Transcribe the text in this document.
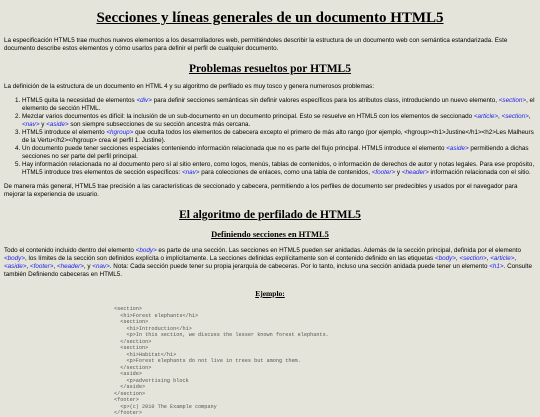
Secciones y líneas generales de un documento HTML5

La especificación HTML5 trae muchos nuevos elementos a los desarrolladores web, permitiéndoles describir la estructura de un documento web con semántica estandarizada. Este documento describe estos elementos y cómo usarlos para definir el perfil de cualquier documento.

Problemas resueltos por HTML5

La definición de la estructura de un documento en HTML 4 y su algoritmo de perfilado es muy tosco y genera numerosos problemas:

1. HTML5 quita la necesidad de elementos <div> para definir secciones semánticas sin definir valores específicos para los atributos class, introduciendo un nuevo elemento, <section>, el elemento de sección HTML.
2. Mezclar varios documentos es difícil: la inclusión de un sub-documento en un documento principal. Esto se resuelve en HTML5 con los elementos de seccionado <article>, <section>, <nav> y <aside> son siempre subsecciones de su sección ancestra más cercana.
3. HTML5 introduce el elemento <hgroup> que oculta todos los elementos de cabecera excepto el primero de más alto rango (por ejemplo, <hgroup><h1>Justine</h1><h2>Les Malheurs de la Vertu</h2></hgroup> crea el perfil 1. Justine).
4. Un documento puede tener secciones especiales conteniendo información relacionada que no es parte del flujo principal. HTML5 introduce el elemento <aside> permitiendo a dichas secciones no ser parte del perfil principal.
5. Hay información relacionada no al documento pero sí al sitio entero, como logos, menús, tablas de contenidos, o información de derechos de autor y notas legales. Para ese propósito, HTML5 introduce tres elementos de sección específicos: <nav> para colecciones de enlaces, como una tabla de contenidos, <footer> y <header> información relacionada con el sitio.

De manera más general, HTML5 trae precisión a las características de seccionado y cabecera, permitiendo a los perfiles de documento ser predecibles y usados por el navegador para mejorar la experiencia de usuario.

El algoritmo de perfilado de HTML5
Definiendo secciones en HTML5

Todo el contenido incluido dentro del elemento <body> es parte de una sección. Las secciones en HTML5 pueden ser anidadas. Además de la sección principal, definida por el elemento <body>, los límites de la sección son definidos explícita o implícitamente. La secciones definidas explícitamente son el contenido definido en las etiquetas <body>, <section>, <article>, <aside>, <footer>, <header>, y <nav>. Nota: Cada sección puede tener su propia jerarquía de cabeceras. Por lo tanto, incluso una sección anidada puede tener un elemento <h1>. Consulte también Definiendo cabeceras en HTML5.

Ejemplo:
<section>
<h1>Forest elephants</h1>
<section>
<h1>Introduction</h1>
<p>In this section, we discuss the lesser known forest elephants.
</section>
<section>
<h1>Habitat</h1>
<p>Forest elephants do not live in trees but among them.
</section>
<aside>
<p>advertising block
</aside>
</section>
<footer>
<p>(c) 2010 The Example company
</footer>
